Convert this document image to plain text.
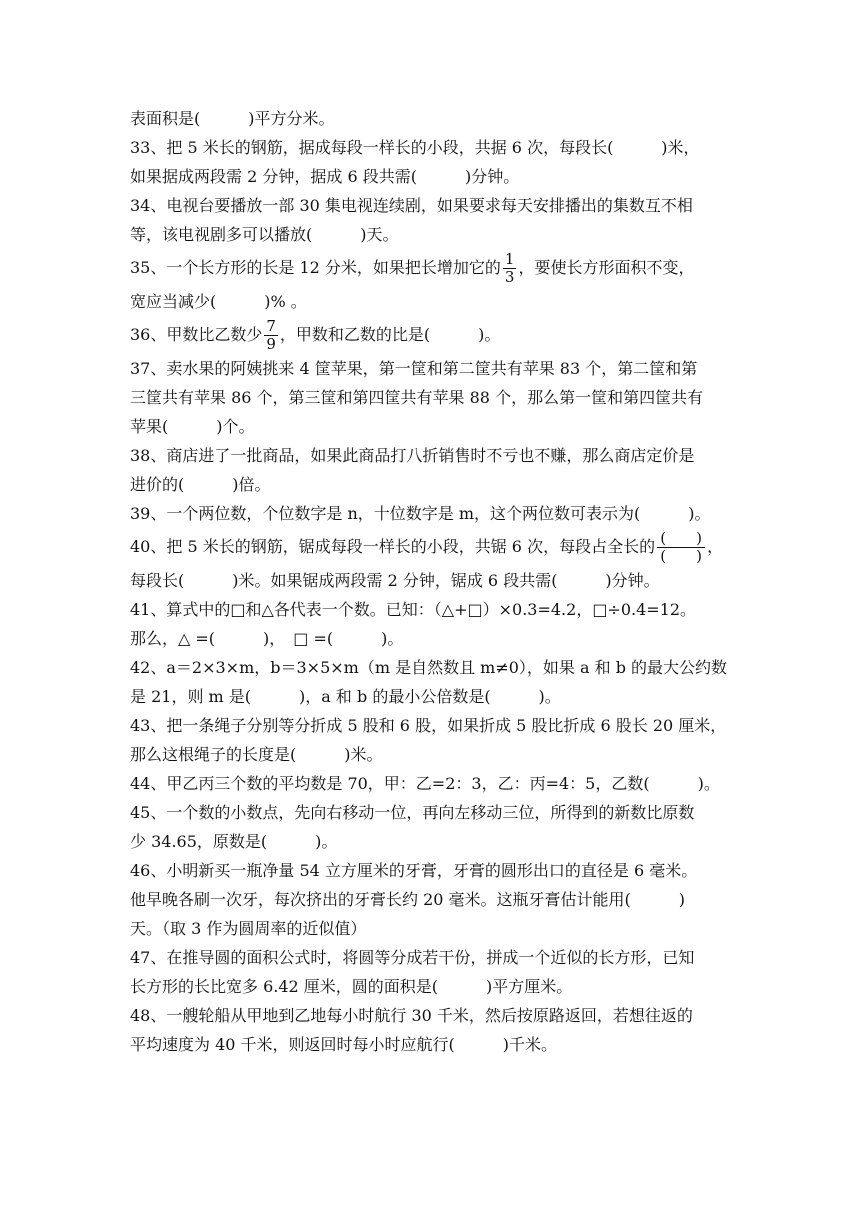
表面积是(　　　)平方分米。
33、把 5 米长的钢筋，据成每段一样长的小段，共据 6 次，每段长(　　　)米，
如果据成两段需 2 分钟，据成 6 段共需(　　　)分钟。
34、电视台要播放一部 30 集电视连续剧，如果要求每天安排播出的集数互不相
等，该电视剧多可以播放(　　　)天。
35、一个长方形的长是 12 分米，如果把长增加它的 $\frac{1}{3}$ ，要使长方形面积不变，
宽应当减少(　　　)% 。
36、甲数比乙数少 $\frac{7}{9}$ ，甲数和乙数的比是(　　　)。
37、卖水果的阿姨挑来 4 筐苹果，第一筐和第二筐共有苹果 83 个，第二筐和第
三筐共有苹果 86 个，第三筐和第四筐共有苹果 88 个，那么第一筐和第四筐共有
苹果(　　　)个。
38、商店进了一批商品，如果此商品打八折销售时不亏也不赚，那么商店定价是
进价的(　　　)倍。
39、一个两位数，个位数字是 n，十位数字是 m，这个两位数可表示为(　　　)。
40、把 5 米长的钢筋，锯成每段一样长的小段，共锯 6 次，每段占全长的 $\frac{( )}{( )}$ ，
每段长(　　　)米。如果锯成两段需 2 分钟，锯成 6 段共需(　　　)分钟。
41、算式中的□和△各代表一个数。已知：（△+□）×0.3=4.2，□÷0.4=12。
那么，△ =(　　　)，　□ =(　　　)。
42、a＝2×3×m，b＝3×5×m（m 是自然数且 m≠0），如果 a 和 b 的最大公约数
是 21，则 m 是(　　　)，a 和 b 的最小公倍数是(　　　)。
43、把一条绳子分别等分折成 5 股和 6 股，如果折成 5 股比折成 6 股长 20 厘米，
那么这根绳子的长度是(　　　)米。
44、甲乙丙三个数的平均数是 70，甲：乙=2：3，乙：丙=4：5，乙数(　　　)。
45、一个数的小数点，先向右移动一位，再向左移动三位，所得到的新数比原数
少 34.65，原数是(　　　)。
46、小明新买一瓶净量 54 立方厘米的牙膏，牙膏的圆形出口的直径是 6 毫米。
他早晚各刷一次牙，每次挤出的牙膏长约 20 毫米。这瓶牙膏估计能用(　　　)
天。（取 3 作为圆周率的近似值）
47、在推导圆的面积公式时，将圆等分成若干份，拼成一个近似的长方形，已知
长方形的长比宽多 6.42 厘米，圆的面积是(　　　)平方厘米。
48、一艘轮船从甲地到乙地每小时航行 30 千米，然后按原路返回，若想往返的
平均速度为 40 千米，则返回时每小时应航行(　　　)千米。
